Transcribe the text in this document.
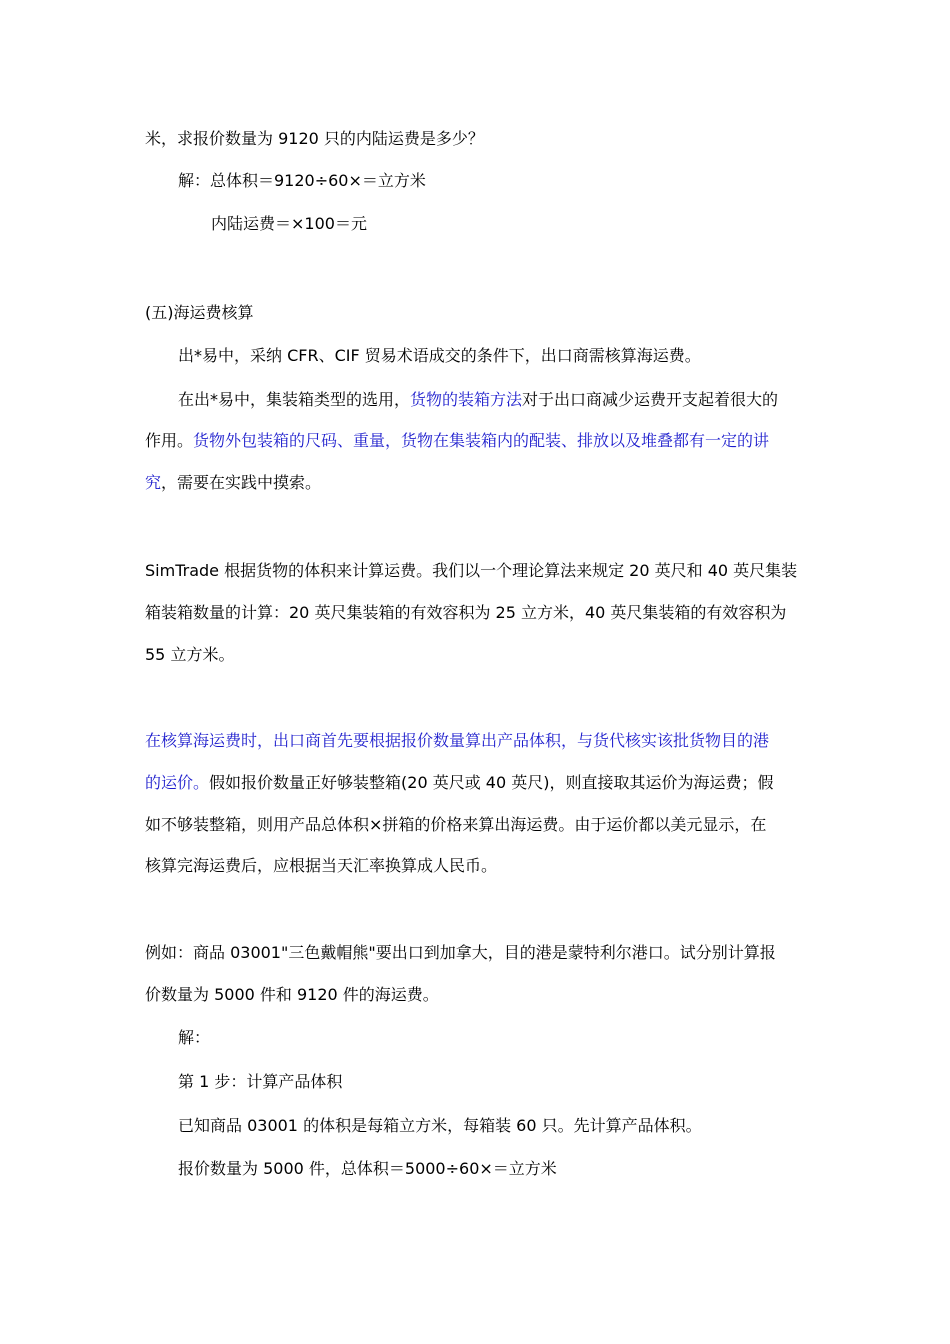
米，求报价数量为 9120 只的内陆运费是多少？
解：总体积＝9120÷60×＝立方米
内陆运费＝×100＝元
(五)海运费核算
出*易中，采纳 CFR、CIF 贸易术语成交的条件下，出口商需核算海运费。
在出*易中，集装箱类型的选用，货物的装箱方法对于出口商减少运费开支起着很大的
作用。货物外包装箱的尺码、重量，货物在集装箱内的配装、排放以及堆叠都有一定的讲
究，需要在实践中摸索。
SimTrade 根据货物的体积来计算运费。我们以一个理论算法来规定 20 英尺和 40 英尺集装
箱装箱数量的计算：20 英尺集装箱的有效容积为 25 立方米，40 英尺集装箱的有效容积为
55 立方米。
在核算海运费时，出口商首先要根据报价数量算出产品体积，与货代核实该批货物目的港
的运价。假如报价数量正好够装整箱(20 英尺或 40 英尺)，则直接取其运价为海运费；假
如不够装整箱，则用产品总体积×拼箱的价格来算出海运费。由于运价都以美元显示，在
核算完海运费后，应根据当天汇率换算成人民币。
例如：商品 03001"三色戴帽熊"要出口到加拿大，目的港是蒙特利尔港口。试分别计算报
价数量为 5000 件和 9120 件的海运费。
解：
第 1 步：计算产品体积
已知商品 03001 的体积是每箱立方米，每箱装 60 只。先计算产品体积。
报价数量为 5000 件，总体积＝5000÷60×＝立方米
